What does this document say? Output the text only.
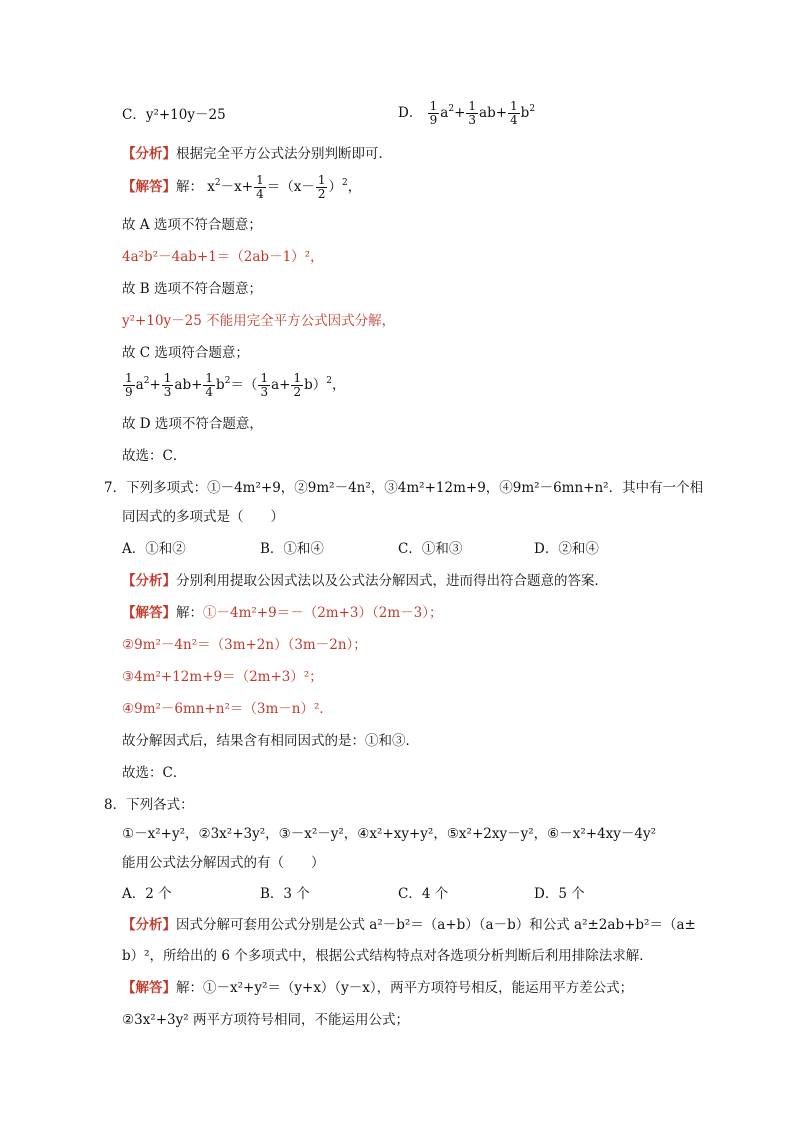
C．y²+10y－25	D． $\frac{1}{9} a^2+ \frac{1}{3} ab+ \frac{1}{4} b^2$
【分析】根据完全平方公式法分别判断即可．
【解答】解： $x^2-x+ \frac{1}{4} =(x- \frac{1}{2} )^2$，
故 A 选项不符合题意；
4a²b²－4ab+1＝（2ab－1）²，
故 B 选项不符合题意；
y²+10y－25 不能用完全平方公式因式分解，
故 C 选项符合题意；
$\frac{1}{9} a^2+ \frac{1}{3} ab+ \frac{1}{4} b^2=( \frac{1}{3} a+ \frac{1}{2} b)^2$，
故 D 选项不符合题意，
故选：C．
7．下列多项式：①－4m²+9，②9m²－4n²，③4m²+12m+9，④9m²－6mn+n²．其中有一个相
同因式的多项式是（　　）
A．①和②	B．①和④	C．①和③	D．②和④
【分析】分别利用提取公因式法以及公式法分解因式，进而得出符合题意的答案．
【解答】解：①－4m²+9＝－（2m+3）（2m－3）；
②9m²－4n²＝（3m+2n）（3m－2n）；
③4m²+12m+9＝（2m+3）²；
④9m²－6mn+n²＝（3m－n）²．
故分解因式后，结果含有相同因式的是：①和③．
故选：C．
8．下列各式：
①－x²+y²，②3x²+3y²，③－x²－y²，④x²+xy+y²，⑤x²+2xy－y²，⑥－x²+4xy－4y²
能用公式法分解因式的有（　　）
A．2 个	B．3 个	C．4 个	D．5 个
【分析】因式分解可套用公式分别是公式 a²－b²＝（a+b）（a－b）和公式 a²±2ab+b²＝（a±
b）²，所给出的 6 个多项式中，根据公式结构特点对各选项分析判断后利用排除法求解．
【解答】解：①－x²+y²＝（y+x）（y－x），两平方项符号相反，能运用平方差公式；
②3x²+3y² 两平方项符号相同，不能运用公式；
